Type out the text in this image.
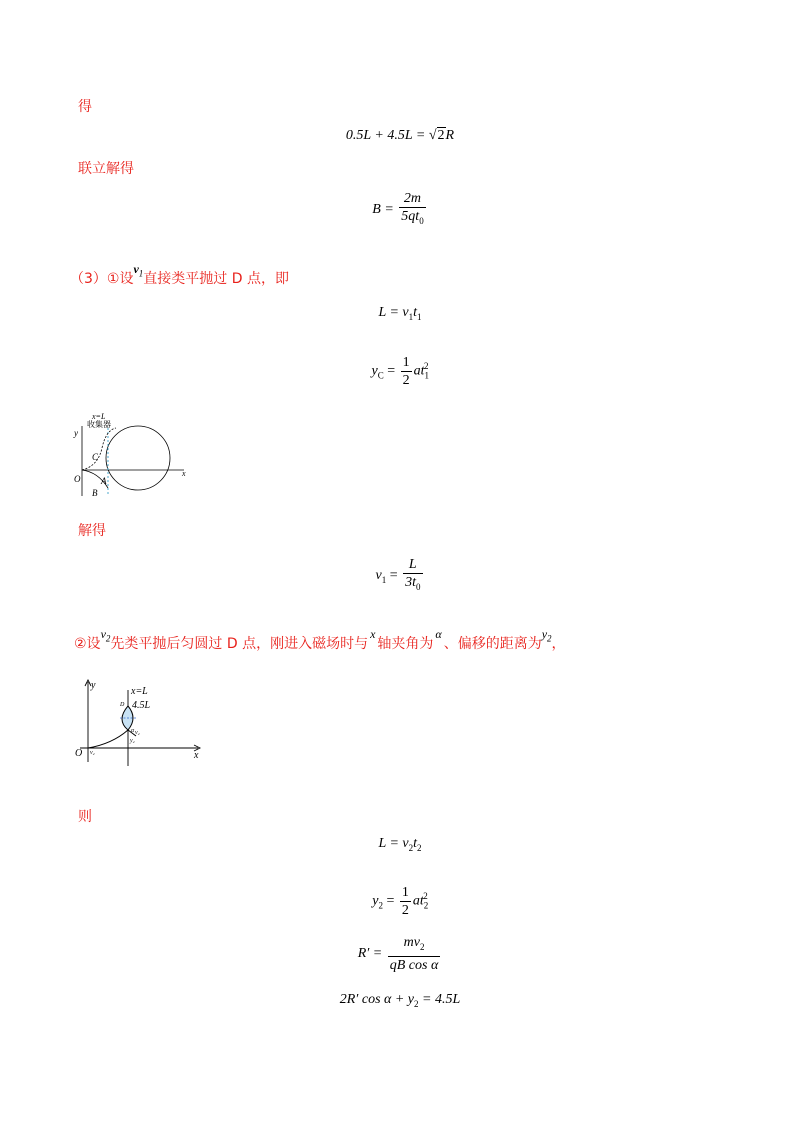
得
0.5L + 4.5L = √2R
联立解得
$B = \frac{2m}{5qt_0}$
（3）①设$v_1$直接类平抛过 D 点，即
$L = v_1t_1$
$y_C = \frac{1}{2} at_1^2$
x=L
收集器
y
x
O
C
A
B
解得
$v_1 = \frac{L}{3t_0}$
②设$v_2$先类平抛后匀圆过 D 点，刚进入磁场时与x轴夹角为α、偏移的距离为$y_2$，
y
x
O
x=L
4.5L
D
α
v₂
y₂
v₂
则
$L = v_2t_2$
$y_2 = \frac{1}{2} at_2^2$
$R' = \frac{mv_2}{\text{qB cos α}}$
2R′ $\cos \alpha + y_2 = 4.5L$
